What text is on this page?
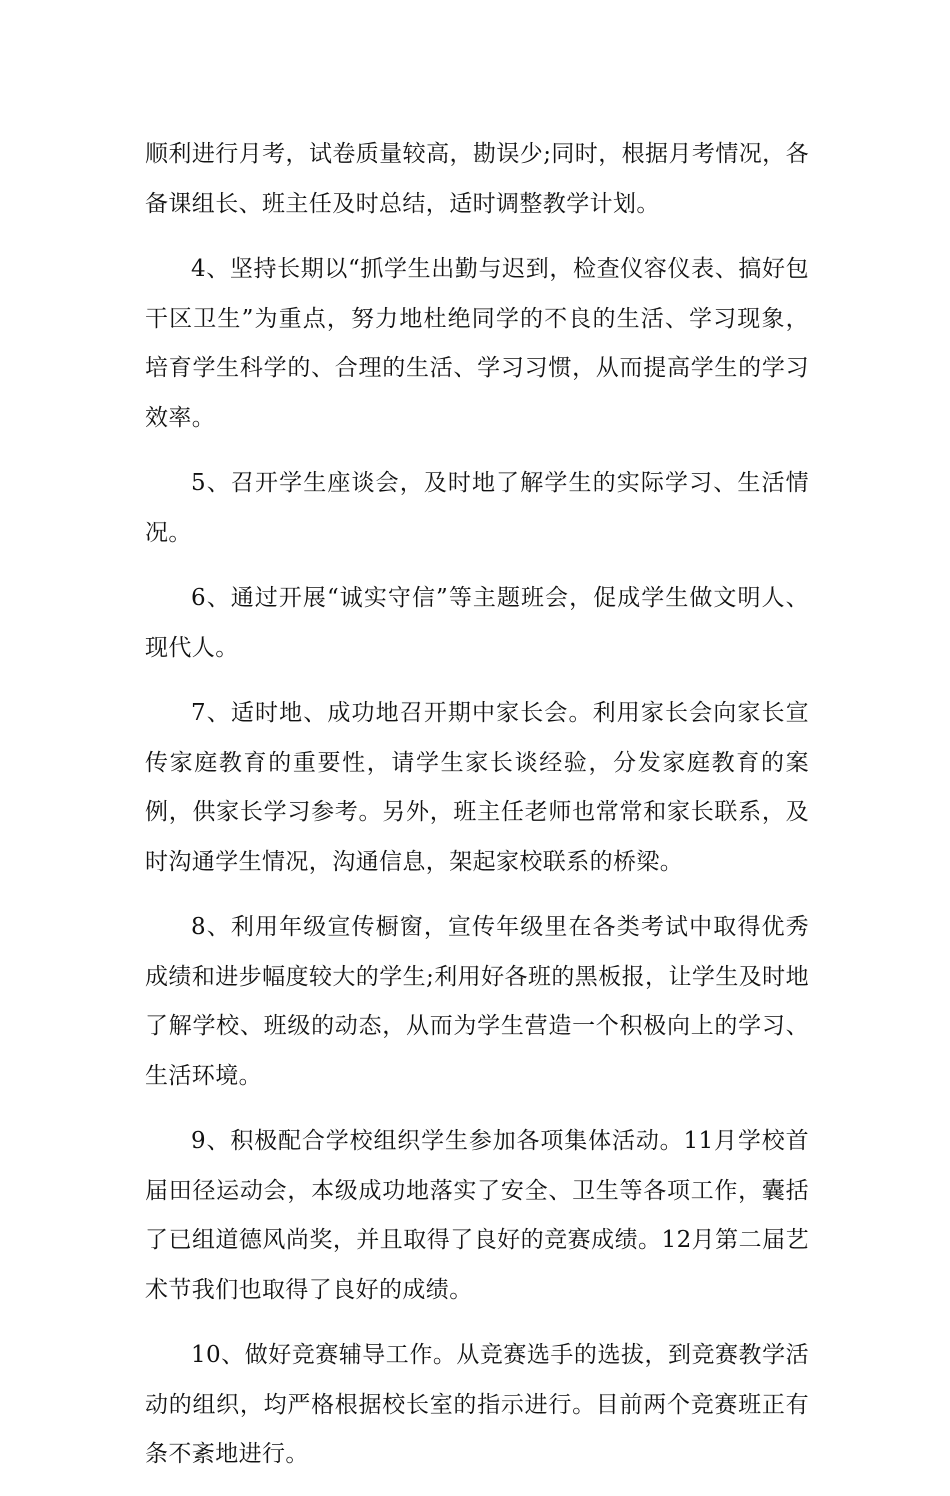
顺利进行月考，试卷质量较高，勘误少;同时，根据月考情况，各备课组长、班主任及时总结，适时调整教学计划。

4、坚持长期以“抓学生出勤与迟到，检查仪容仪表、搞好包干区卫生”为重点，努力地杜绝同学的不良的生活、学习现象，培育学生科学的、合理的生活、学习习惯，从而提高学生的学习效率。

5、召开学生座谈会，及时地了解学生的实际学习、生活情况。

6、通过开展“诚实守信”等主题班会，促成学生做文明人、现代人。

7、适时地、成功地召开期中家长会。利用家长会向家长宣传家庭教育的重要性，请学生家长谈经验，分发家庭教育的案例，供家长学习参考。另外，班主任老师也常常和家长联系，及时沟通学生情况，沟通信息，架起家校联系的桥梁。

8、利用年级宣传橱窗，宣传年级里在各类考试中取得优秀成绩和进步幅度较大的学生;利用好各班的黑板报，让学生及时地了解学校、班级的动态，从而为学生营造一个积极向上的学习、生活环境。

9、积极配合学校组织学生参加各项集体活动。11月学校首届田径运动会，本级成功地落实了安全、卫生等各项工作，囊括了已组道德风尚奖，并且取得了良好的竞赛成绩。12月第二届艺术节我们也取得了良好的成绩。

10、做好竞赛辅导工作。从竞赛选手的选拔，到竞赛教学活动的组织，均严格根据校长室的指示进行。目前两个竞赛班正有条不紊地进行。
